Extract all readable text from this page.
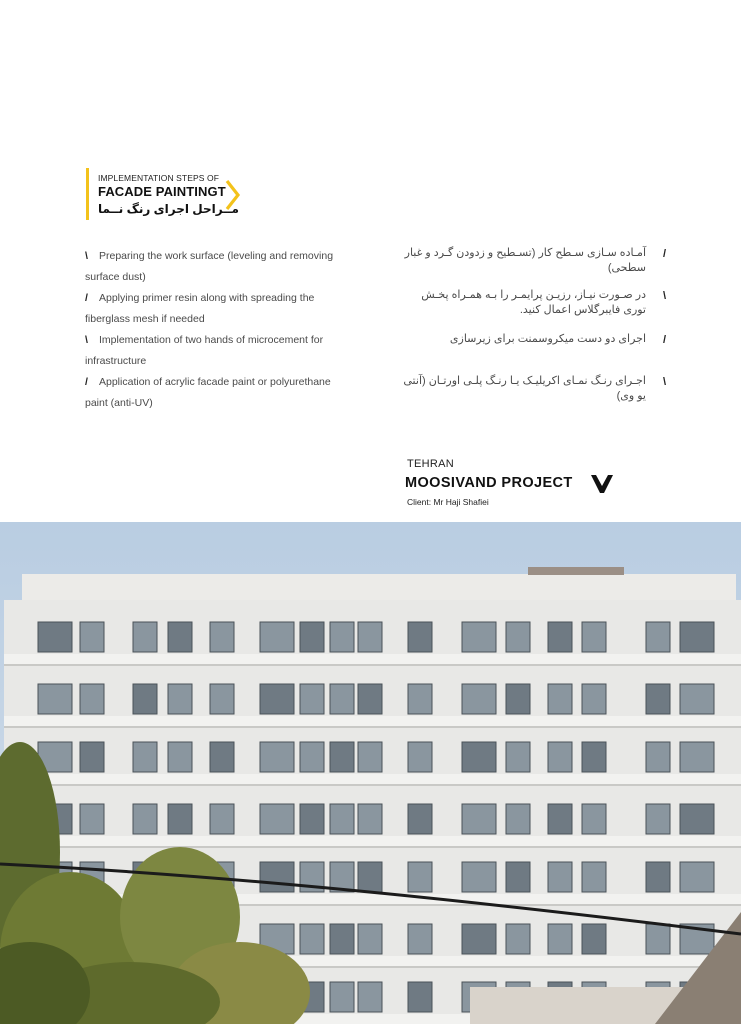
IMPLEMENTATION STEPS OF
FACADE PAINTINGT
مــراحل اجرای رنگ نــما
\ Preparing the work surface (leveling and removing surface dust)
/ Applying primer resin along with spreading the fiberglass mesh if needed
\ Implementation of two hands of microcement for infrastructure
/ Application of acrylic facade paint or polyurethane paint (anti-UV)
/
آمـاده سـازی سـطح کار (تسـطیح و زدودن گـرد و غبار سطحی)
\
در صـورت نیـاز، رزیـن پرایمـر را بـه همـراه پخـش توری فایبرگلاس اعمال کنید.
/
اجرای دو دست میکروسمنت برای زیرسازی
\
اجـرای رنـگ نمـای اکریلیـک یـا رنـگ پلـی اورتـان (آنتی یو وی)
TEHRAN
MOOSIVAND PROJECT
Client: Mr Haji Shafiei
